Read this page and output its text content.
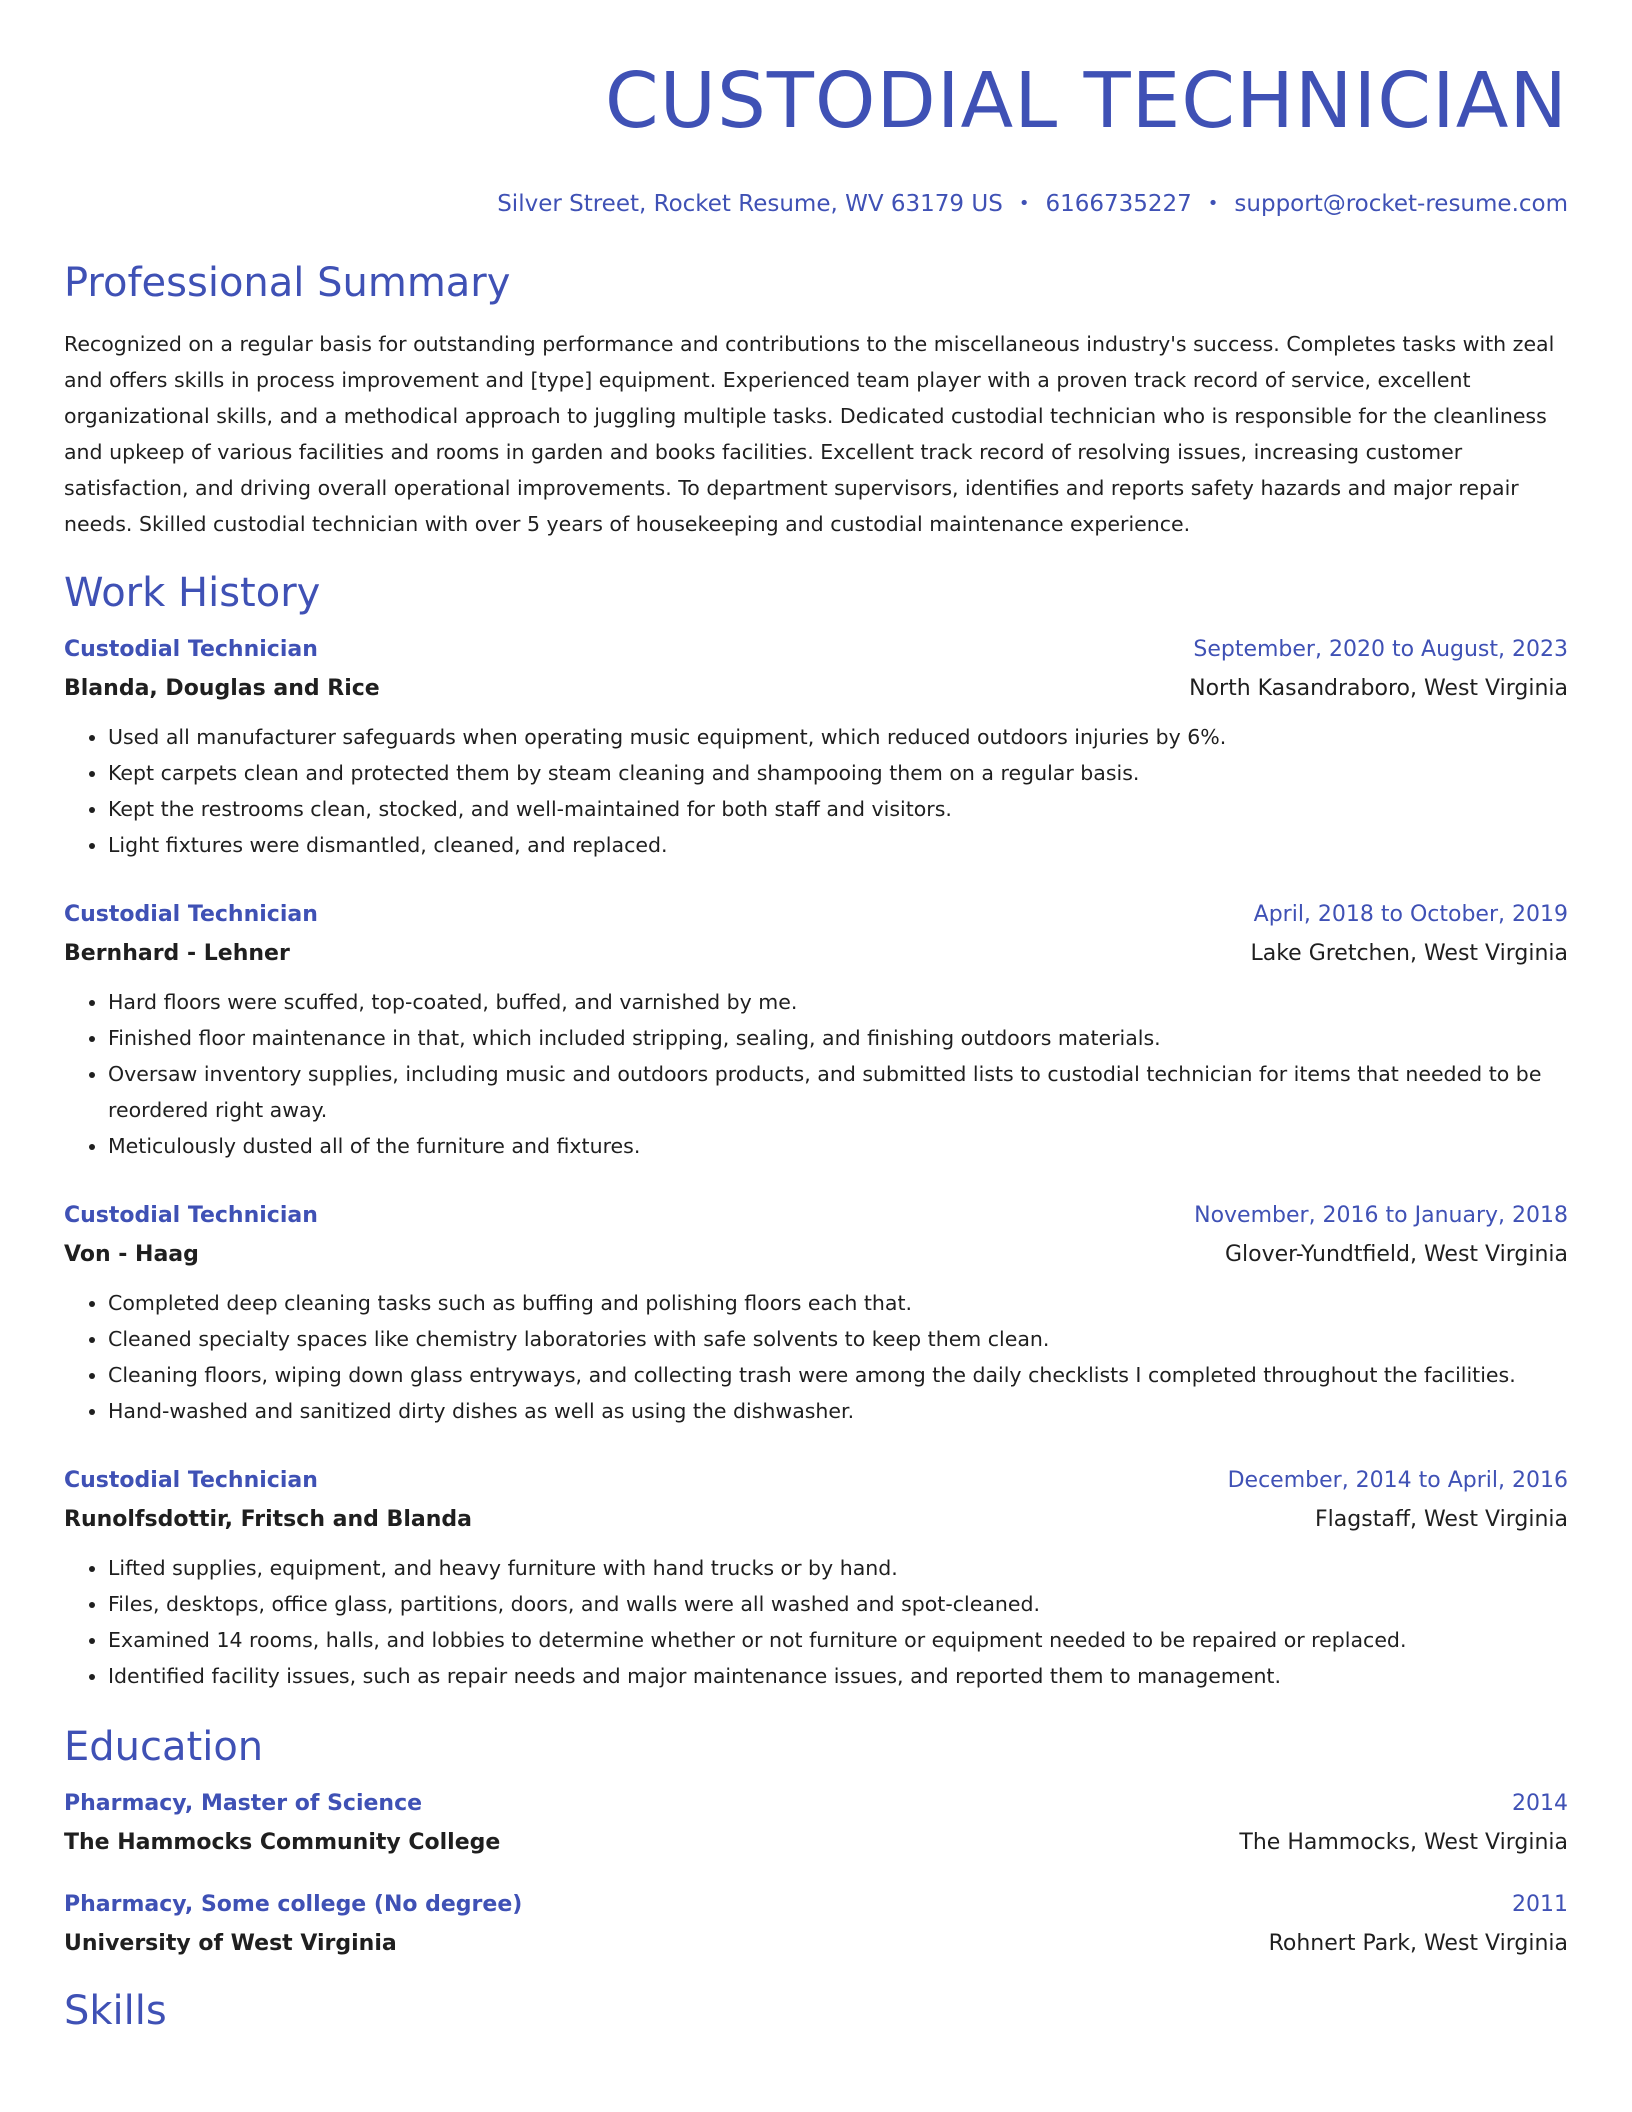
CUSTODIAL TECHNICIAN
Silver Street, Rocket Resume, WV 63179 US • 6166735227 • support@rocket-resume.com
Professional Summary
Recognized on a regular basis for outstanding performance and contributions to the miscellaneous industry's success. Completes tasks with zeal and offers skills in process improvement and [type] equipment. Experienced team player with a proven track record of service, excellent organizational skills, and a methodical approach to juggling multiple tasks. Dedicated custodial technician who is responsible for the cleanliness and upkeep of various facilities and rooms in garden and books facilities. Excellent track record of resolving issues, increasing customer satisfaction, and driving overall operational improvements. To department supervisors, identifies and reports safety hazards and major repair needs. Skilled custodial technician with over 5 years of housekeeping and custodial maintenance experience.
Work History
Custodial Technician	September, 2020 to August, 2023
Blanda, Douglas and Rice	North Kasandraboro, West Virginia
• Used all manufacturer safeguards when operating music equipment, which reduced outdoors injuries by 6%.
• Kept carpets clean and protected them by steam cleaning and shampooing them on a regular basis.
• Kept the restrooms clean, stocked, and well-maintained for both staff and visitors.
• Light fixtures were dismantled, cleaned, and replaced.
Custodial Technician	April, 2018 to October, 2019
Bernhard - Lehner	Lake Gretchen, West Virginia
• Hard floors were scuffed, top-coated, buffed, and varnished by me.
• Finished floor maintenance in that, which included stripping, sealing, and finishing outdoors materials.
• Oversaw inventory supplies, including music and outdoors products, and submitted lists to custodial technician for items that needed to be reordered right away.
• Meticulously dusted all of the furniture and fixtures.
Custodial Technician	November, 2016 to January, 2018
Von - Haag	Glover-Yundtfield, West Virginia
• Completed deep cleaning tasks such as buffing and polishing floors each that.
• Cleaned specialty spaces like chemistry laboratories with safe solvents to keep them clean.
• Cleaning floors, wiping down glass entryways, and collecting trash were among the daily checklists I completed throughout the facilities.
• Hand-washed and sanitized dirty dishes as well as using the dishwasher.
Custodial Technician	December, 2014 to April, 2016
Runolfsdottir, Fritsch and Blanda	Flagstaff, West Virginia
• Lifted supplies, equipment, and heavy furniture with hand trucks or by hand.
• Files, desktops, office glass, partitions, doors, and walls were all washed and spot-cleaned.
• Examined 14 rooms, halls, and lobbies to determine whether or not furniture or equipment needed to be repaired or replaced.
• Identified facility issues, such as repair needs and major maintenance issues, and reported them to management.
Education
Pharmacy, Master of Science	2014
The Hammocks Community College	The Hammocks, West Virginia
Pharmacy, Some college (No degree)	2011
University of West Virginia	Rohnert Park, West Virginia
Skills
